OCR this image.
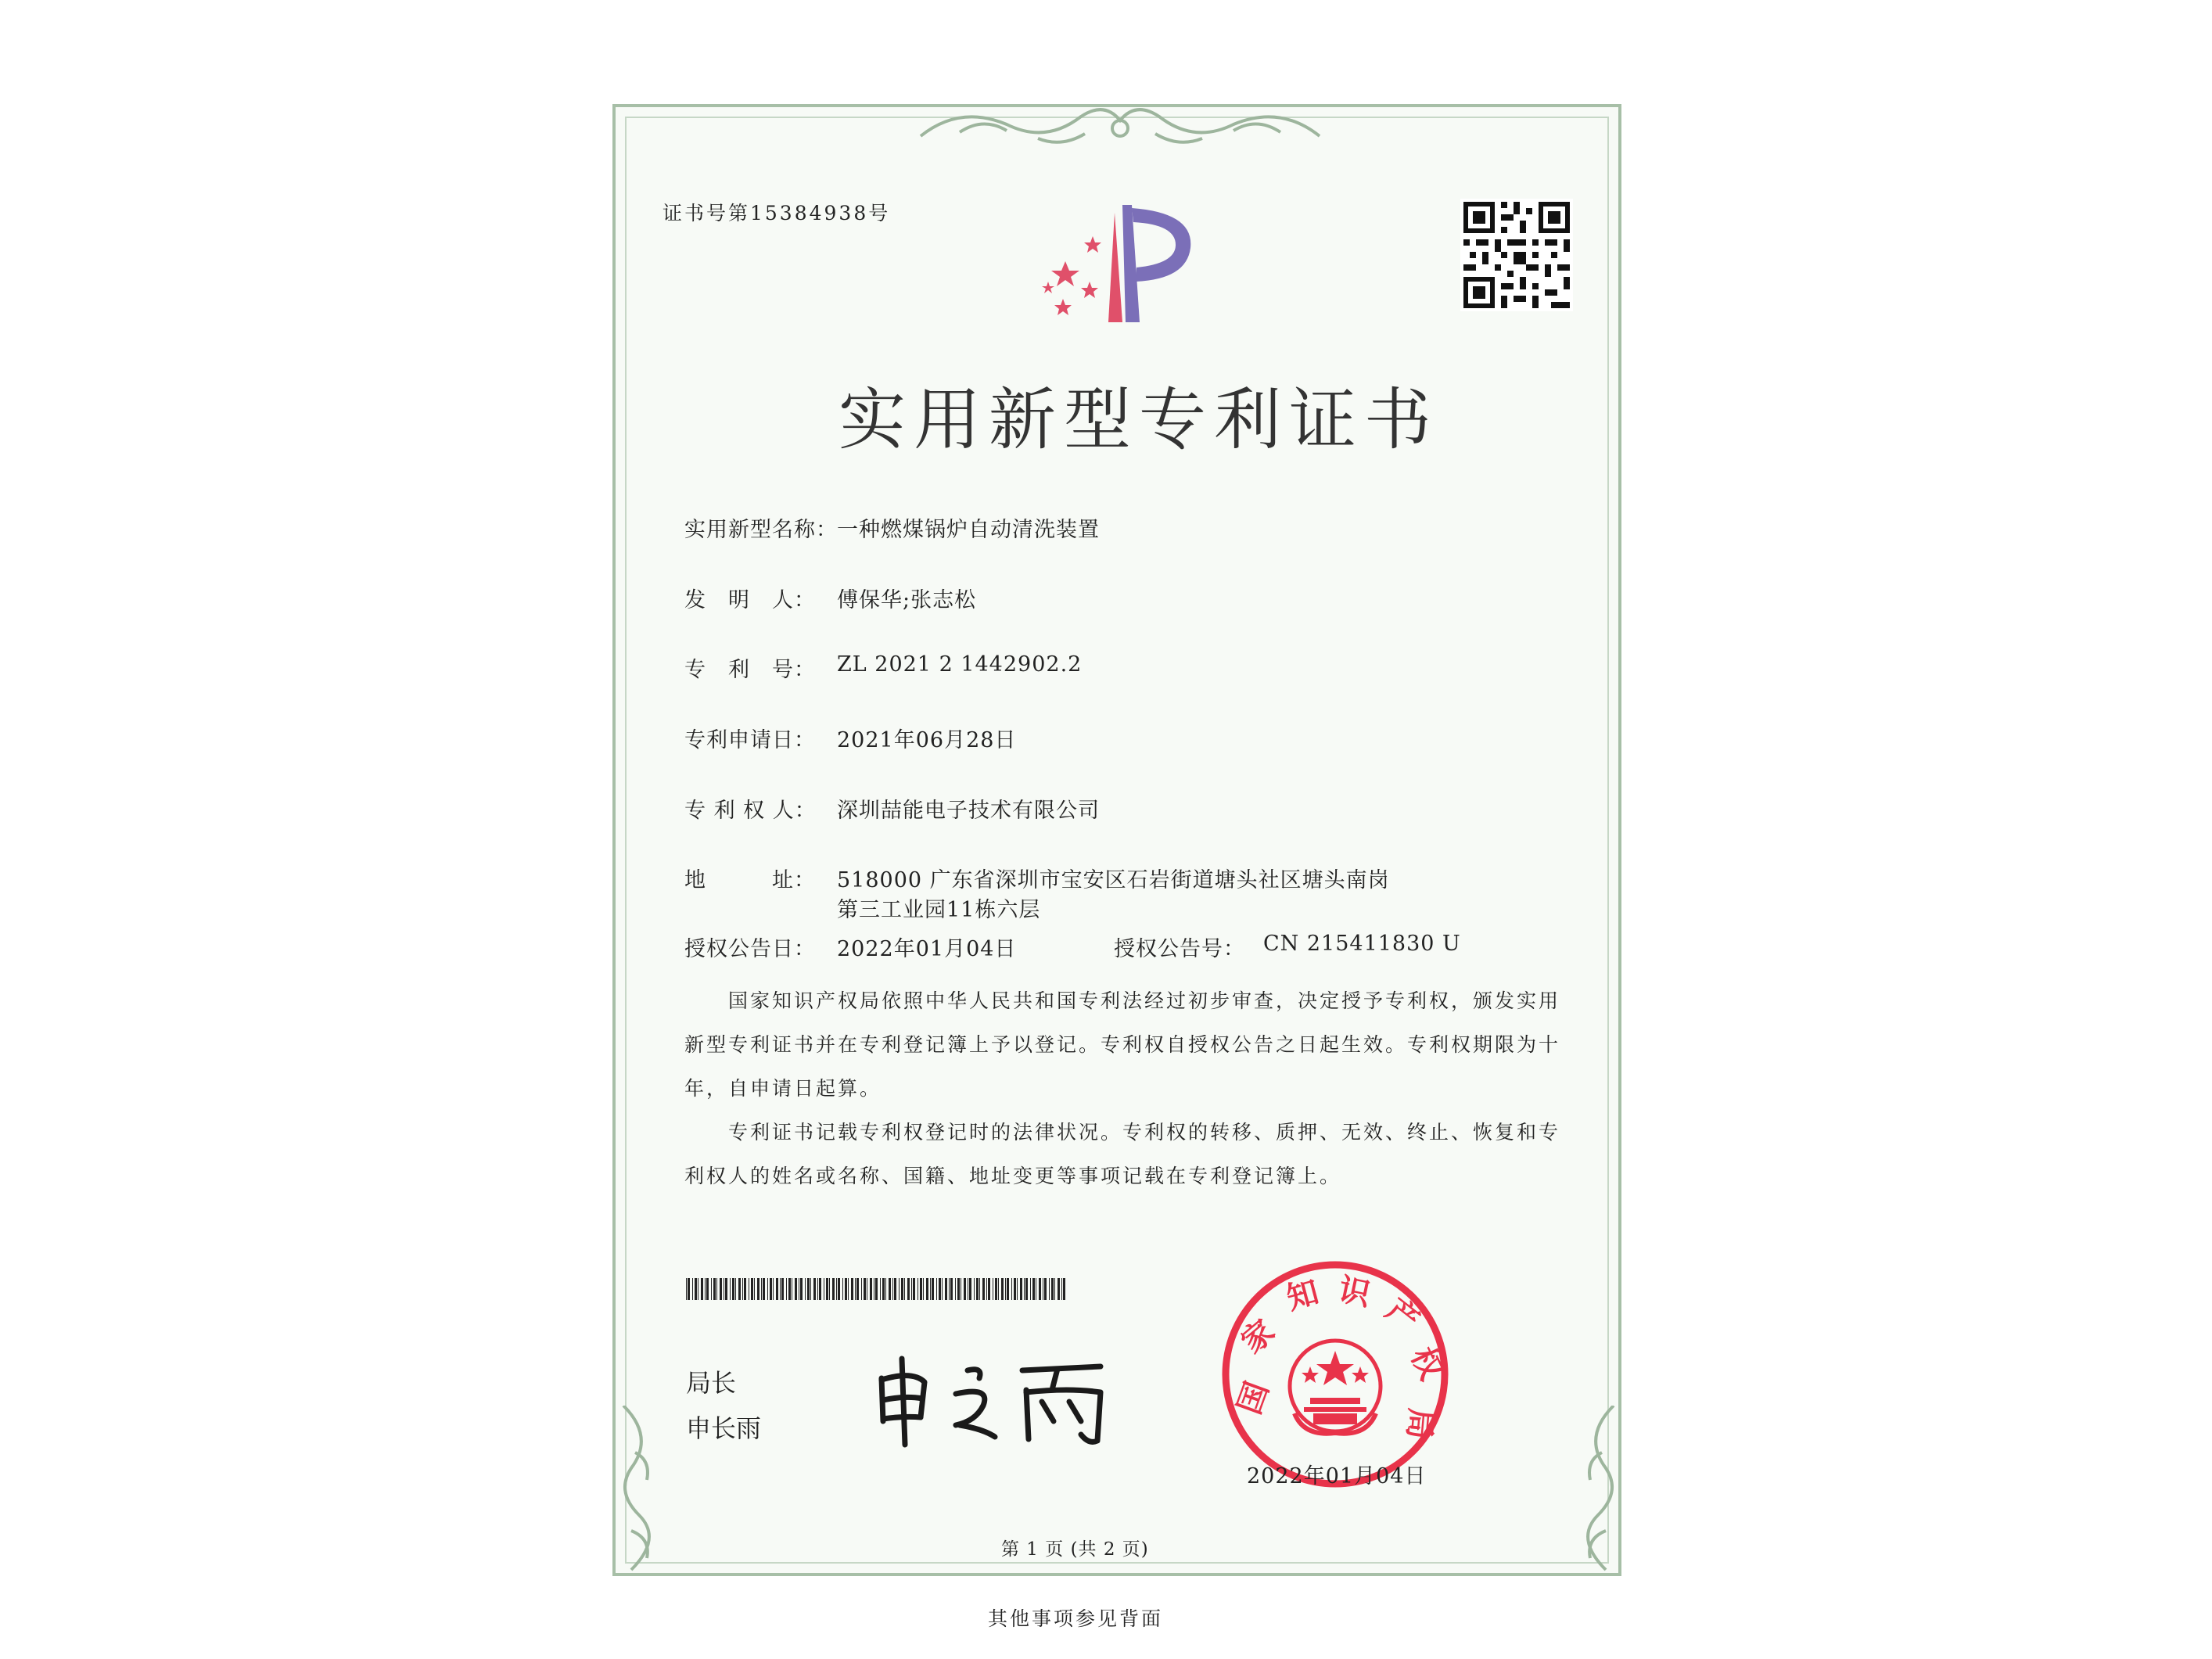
证书号第15384938号
实用新型专利证书
实用新型名称： 一种燃煤锅炉自动清洗装置
发　明　人： 傅保华;张志松
专　利　号： ZL 2021 2 1442902.2
专利申请日： 2021年06月28日
专 利 权 人： 深圳喆能电子技术有限公司
地　　　址： 518000 广东省深圳市宝安区石岩街道塘头社区塘头南岗
第三工业园11栋六层
授权公告日： 2022年01月04日	授权公告号： CN 215411830 U
　　国家知识产权局依照中华人民共和国专利法经过初步审查，决定授予专利权，颁发实用
新型专利证书并在专利登记簿上予以登记。专利权自授权公告之日起生效。专利权期限为十
年，自申请日起算。
　　专利证书记载专利权登记时的法律状况。专利权的转移、质押、无效、终止、恢复和专
利权人的姓名或名称、国籍、地址变更等事项记载在专利登记簿上。
局长
申长雨
国
家
知 识 产
权
局
2022年01月04日
第 1 页 (共 2 页)
其他事项参见背面
